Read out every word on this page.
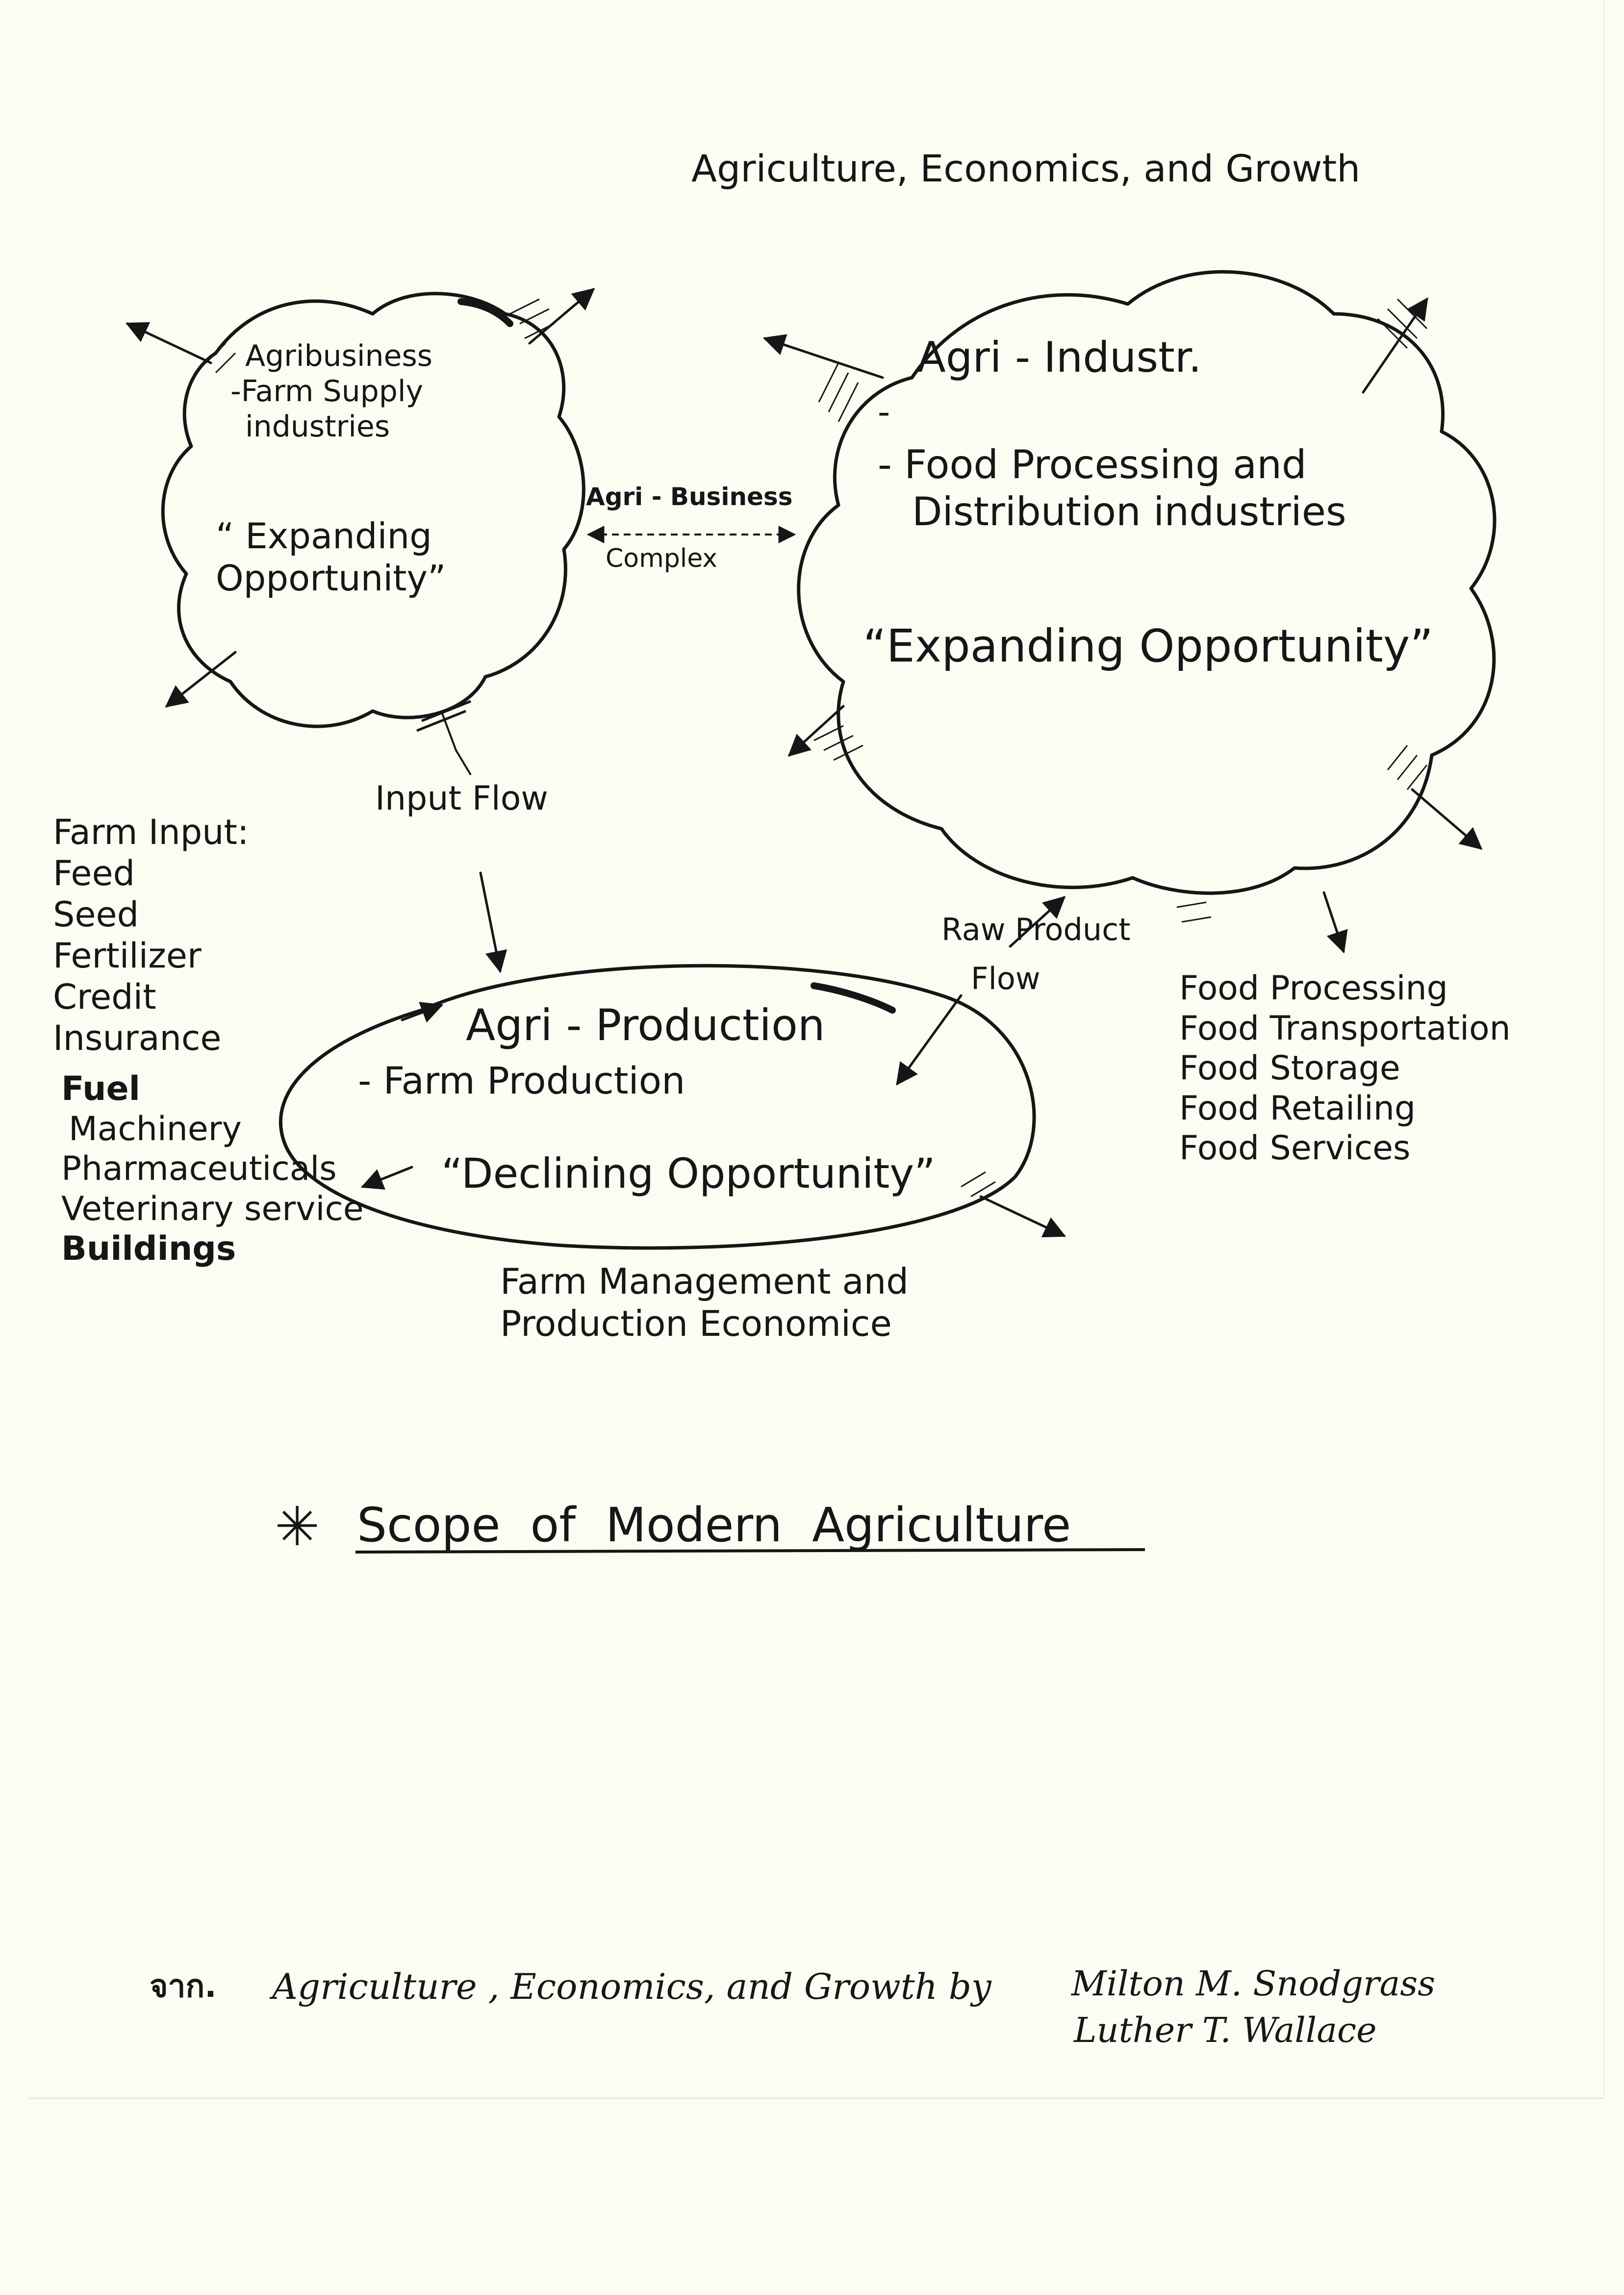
Agriculture, Economics, and Growth
Agribusiness
-Farm Supply
industries
“ Expanding
Opportunity”
Agri - Business
Complex
Agri - Industr.
-
- Food Processing and
Distribution industries
“Expanding Opportunity”
Input Flow
Farm Input:
Feed
Seed
Fertilizer
Credit
Insurance
Fuel
Machinery
Pharmaceuticals
Veterinary service
Buildings
Agri - Production
- Farm Production
“Declining Opportunity”
Raw Product
Flow	Food Processing
Food Transportation
Food Storage
Food Retailing
Food Services
Farm Management and
Production Economice
✳ Scope  of  Modern  Agriculture
จาก. Agriculture , Economics, and Growth by Milton M. Snodgrass
Luther T. Wallace
